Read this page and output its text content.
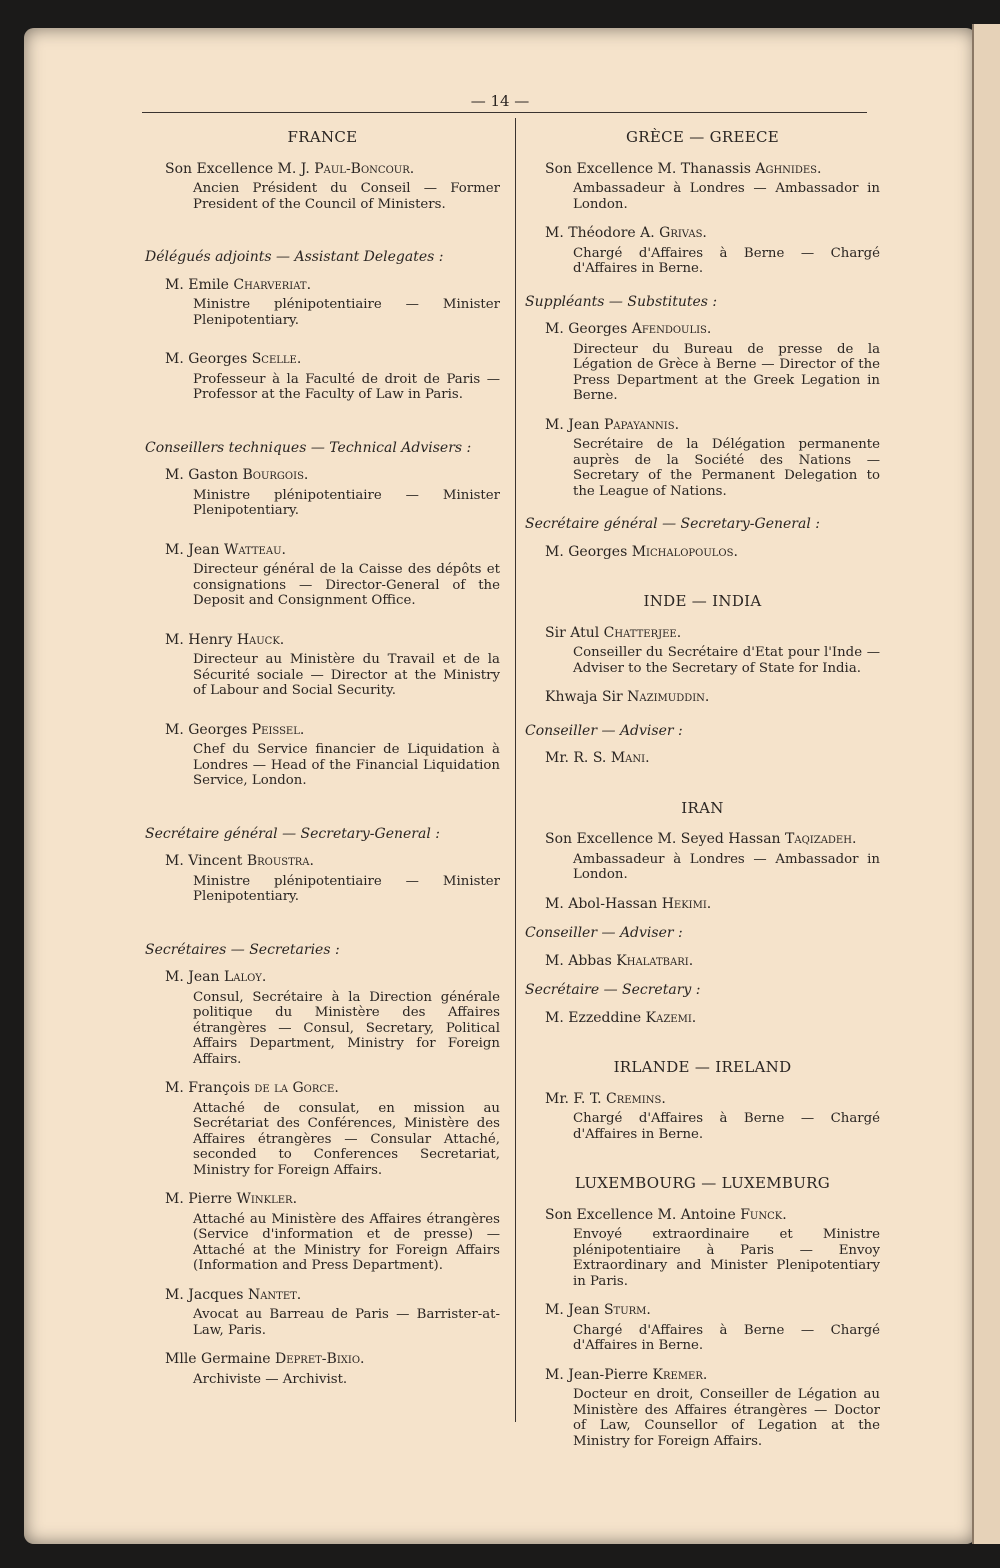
— 14 —
FRANCE
Son Excellence M. J. Paul-Boncour.
Ancien Président du Conseil — Former President of the Council of Ministers.
Délégués adjoints — Assistant Delegates :
M. Emile Charveriat.
Ministre plénipotentiaire — Minister Plenipotentiary.
M. Georges Scelle.
Professeur à la Faculté de droit de Paris — Professor at the Faculty of Law in Paris.
Conseillers techniques — Technical Advisers :
M. Gaston Bourgois.
Ministre plénipotentiaire — Minister Plenipotentiary.
M. Jean Watteau.
Directeur général de la Caisse des dépôts et consignations — Director-General of the Deposit and Consignment Office.
M. Henry Hauck.
Directeur au Ministère du Travail et de la Sécurité sociale — Director at the Ministry of Labour and Social Security.
M. Georges Peissel.
Chef du Service financier de Liquidation à Londres — Head of the Financial Liquidation Service, London.
Secrétaire général — Secretary-General :
M. Vincent Broustra.
Ministre plénipotentiaire — Minister Plenipotentiary.
Secrétaires — Secretaries :
M. Jean Laloy.
Consul, Secrétaire à la Direction générale politique du Ministère des Affaires étrangères — Consul, Secretary, Political Affairs Department, Ministry for Foreign Affairs.
M. François de la Gorce.
Attaché de consulat, en mission au Secrétariat des Conférences, Ministère des Affaires étrangères — Consular Attaché, seconded to Conferences Secretariat, Ministry for Foreign Affairs.
M. Pierre Winkler.
Attaché au Ministère des Affaires étrangères (Service d'information et de presse) — Attaché at the Ministry for Foreign Affairs (Information and Press Department).
M. Jacques Nantet.
Avocat au Barreau de Paris — Barrister-at-Law, Paris.
Mlle Germaine Depret-Bixio.
Archiviste — Archivist.
GRÈCE — GREECE
Son Excellence M. Thanassis Aghnides.
Ambassadeur à Londres — Ambassador in London.
M. Théodore A. Grivas.
Chargé d'Affaires à Berne — Chargé d'Affaires in Berne.
Suppléants — Substitutes :
M. Georges Afendoulis.
Directeur du Bureau de presse de la Légation de Grèce à Berne — Director of the Press Department at the Greek Legation in Berne.
M. Jean Papayannis.
Secrétaire de la Délégation permanente auprès de la Société des Nations — Secretary of the Permanent Delegation to the League of Nations.
Secrétaire général — Secretary-General :
M. Georges Michalopoulos.
INDE — INDIA
Sir Atul Chatterjee.
Conseiller du Secrétaire d'Etat pour l'Inde — Adviser to the Secretary of State for India.
Khwaja Sir Nazimuddin.
Conseiller — Adviser :
Mr. R. S. Mani.
IRAN
Son Excellence M. Seyed Hassan Taqizadeh.
Ambassadeur à Londres — Ambassador in London.
M. Abol-Hassan Hekimi.
Conseiller — Adviser :
M. Abbas Khalatbari.
Secrétaire — Secretary :
M. Ezzeddine Kazemi.
IRLANDE — IRELAND
Mr. F. T. Cremins.
Chargé d'Affaires à Berne — Chargé d'Affaires in Berne.
LUXEMBOURG — LUXEMBURG
Son Excellence M. Antoine Funck.
Envoyé extraordinaire et Ministre plénipotentiaire à Paris — Envoy Extraordinary and Minister Plenipotentiary in Paris.
M. Jean Sturm.
Chargé d'Affaires à Berne — Chargé d'Affaires in Berne.
M. Jean-Pierre Kremer.
Docteur en droit, Conseiller de Légation au Ministère des Affaires étrangères — Doctor of Law, Counsellor of Legation at the Ministry for Foreign Affairs.
